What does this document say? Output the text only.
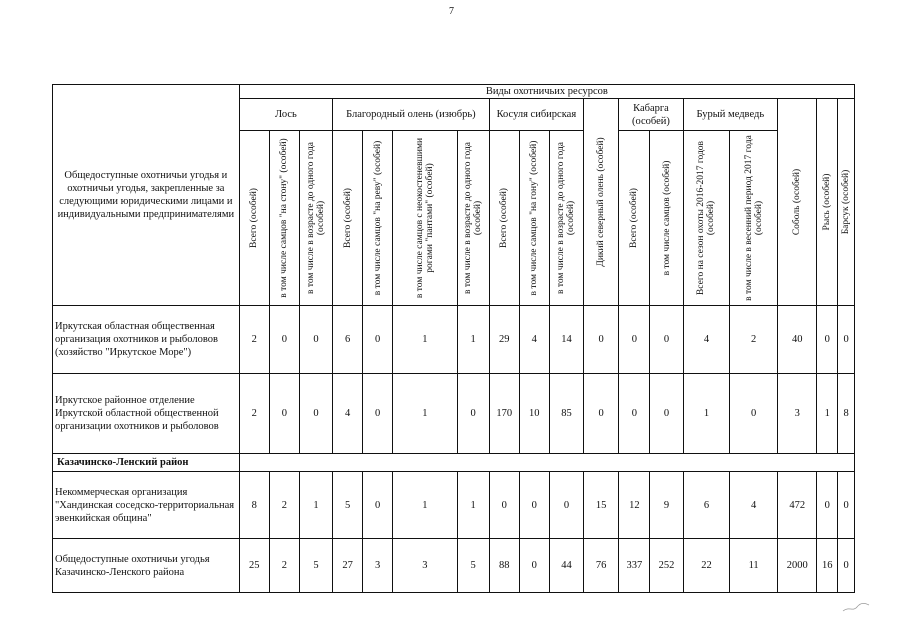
7
Общедоступные охотничьи угодья и охотничьи угодья, закрепленные за следующими юридическими лицами и индивидуальными предпринимателями	Виды охотничьих ресурсов																	
	Лось			Благородный олень (изюбрь)				Косуля сибирская			Дикий северный олень (особей)	Кабарга (особей)		Бурый медведь		Соболь (особей)	Рысь (особей)	Барсук (особей)

	Всего (особей)	в том числе самцов "на стону" (особей)	в том числе в возрасте до одного года (особей)	Всего (особей)	в том числе самцов "на реву" (особей)	в том числе самцов с неокостеневшими рогами "пантами" (особей)	в том числе в возрасте до одного года (особей)	Всего (особей)	в том числе самцов "на гону" (особей)	в том числе в возрасте до одного года (особей)		Всего (особей)	в том числе самцов (особей)	Всего на сезон охоты 2016-2017 годов (особей)	в том числе в весенний период 2017 года (особей)			

Иркутская областная общественная организация охотников и рыболовов (хозяйство "Иркутское Море")	2	0	0	6	0	1	1	29	4	14	0	0	0	4	2	40	0	0
Иркутское районное отделение Иркутской областной общественной организации охотников и рыболовов	2	0	0	4	0	1	0	170	10	85	0	0	0	1	0	3	1	8
Казачинско-Ленский район																		
Некоммерческая организация "Хандинская соседско-территориальная эвенкийская община"	8	2	1	5	0	1	1	0	0	0	15	12	9	6	4	472	0	0
Общедоступные охотничьи угодья Казачинско-Ленского района	25	2	5	27	3	3	5	88	0	44	76	337	252	22	11	2000	16	0
